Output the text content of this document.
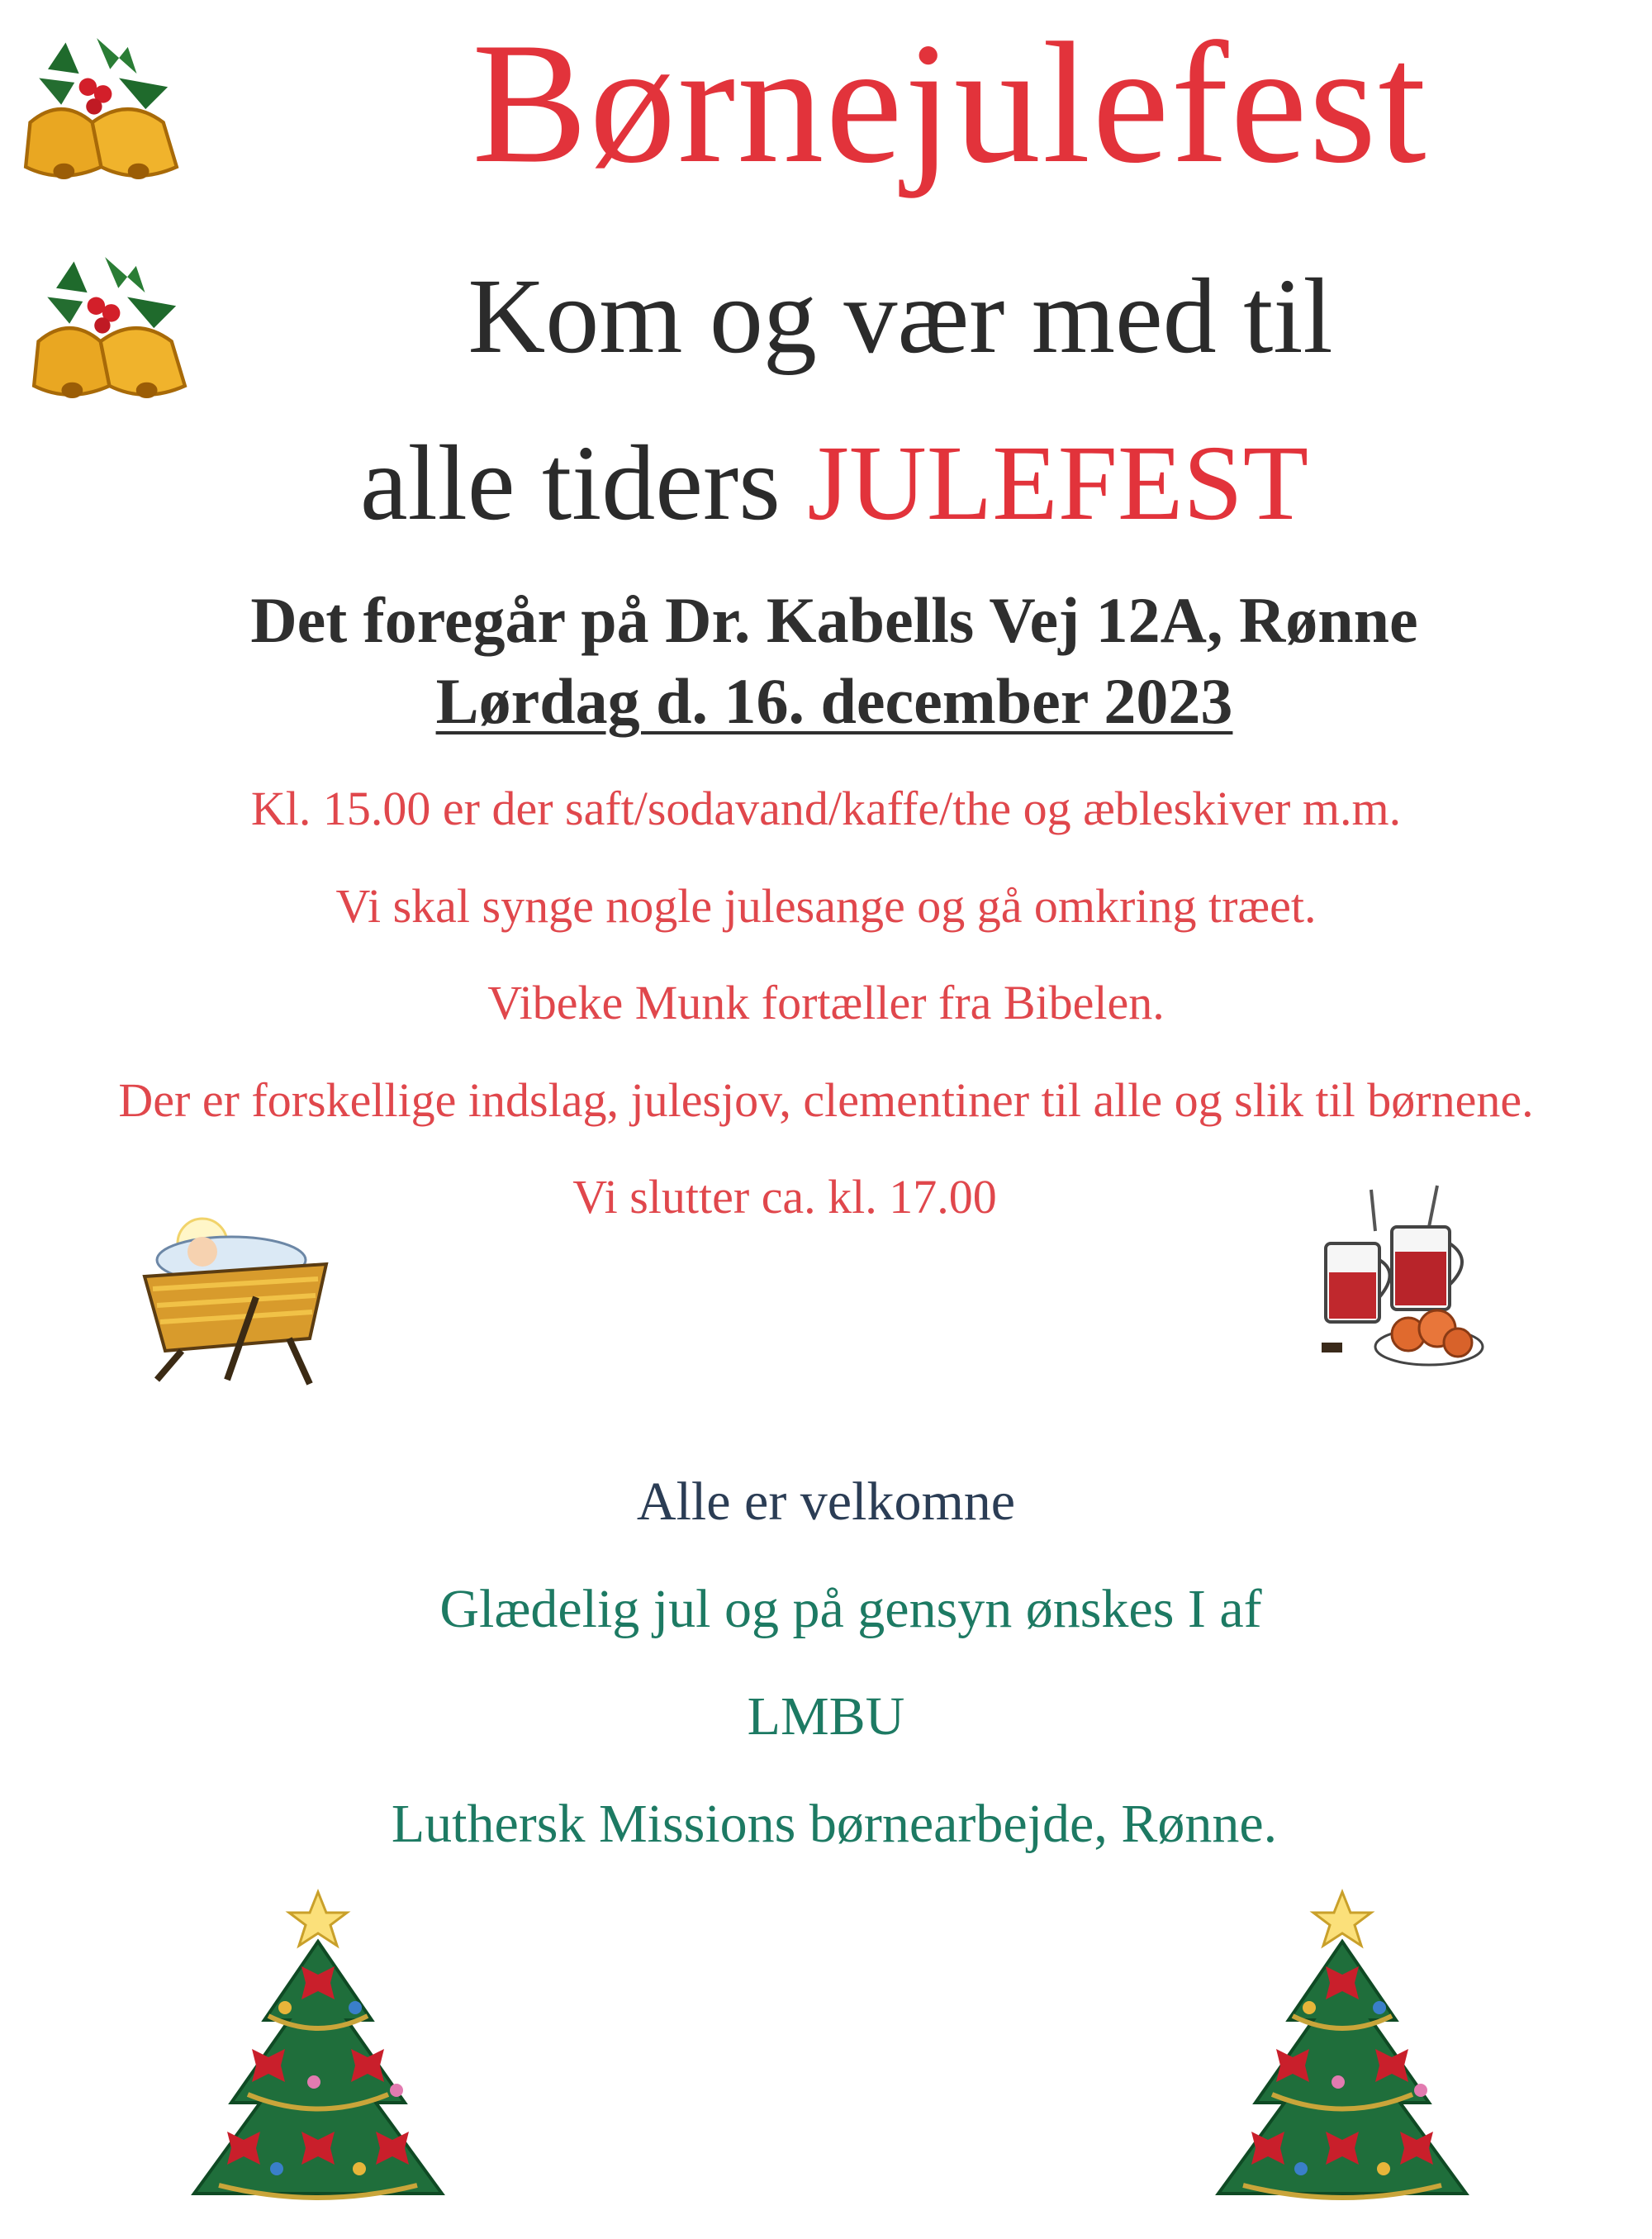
Børnejulefest
Kom og vær med til
alle tiders JULEFEST
Det foregår på Dr. Kabells Vej 12A, Rønne
Lørdag d. 16. december 2023
Kl. 15.00 er der saft/sodavand/kaffe/the og æbleskiver m.m.
Vi skal synge nogle julesange og gå omkring træet.
Vibeke Munk fortæller fra Bibelen.
Der er forskellige indslag, julesjov, clementiner til alle og slik til børnene.
Vi slutter ca. kl. 17.00
Alle er velkomne
Glædelig jul og på gensyn ønskes I af
LMBU
Luthersk Missions børnearbejde, Rønne.
